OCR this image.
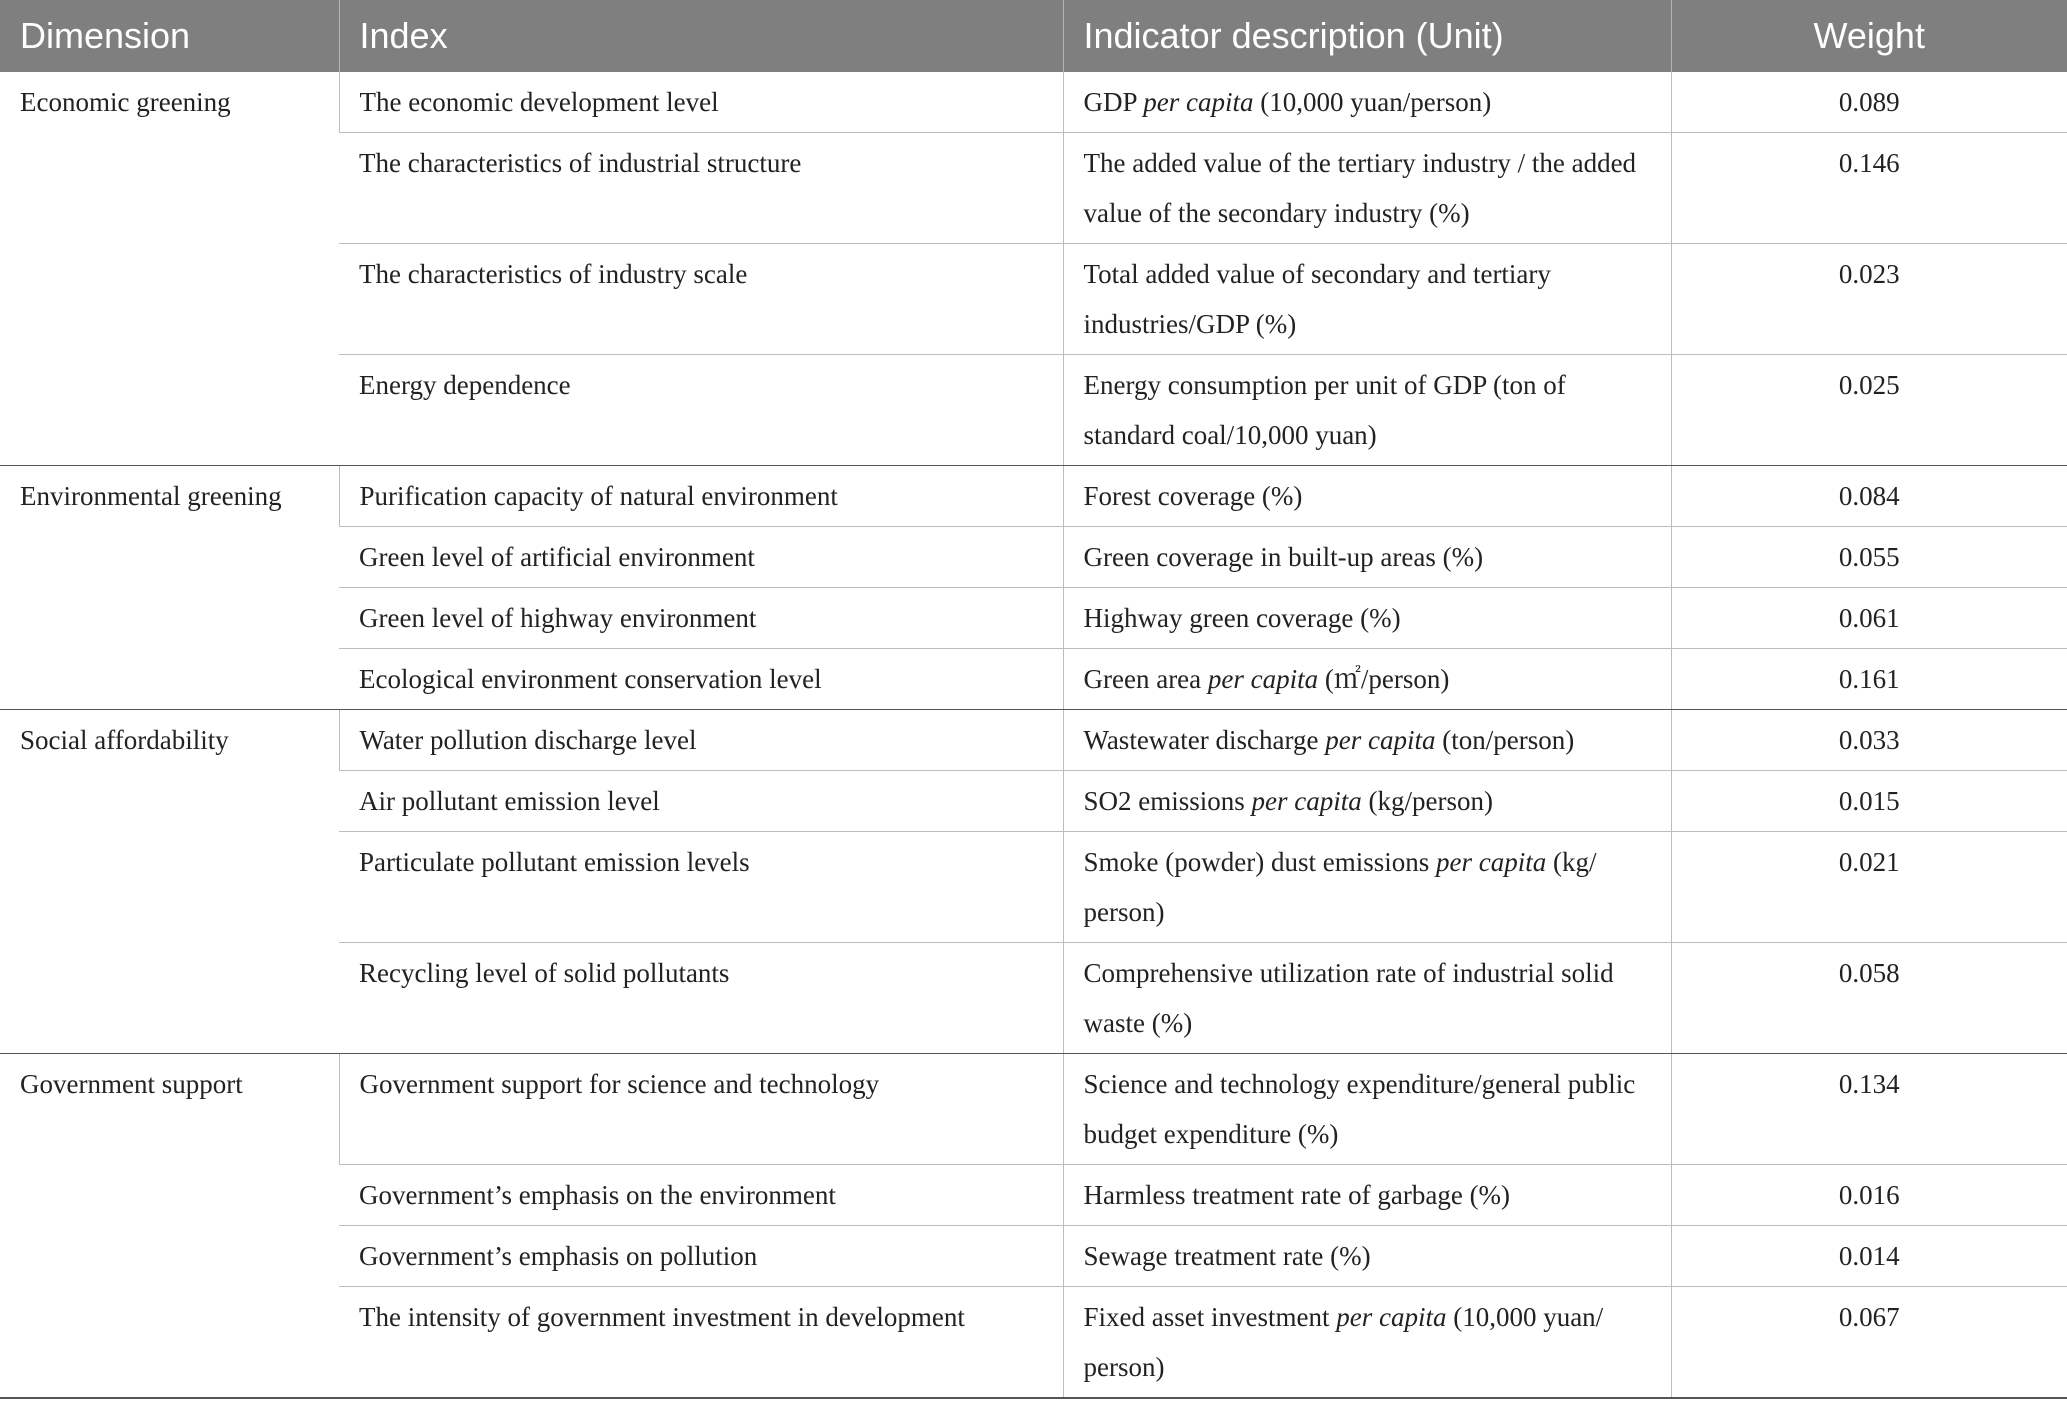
Dimension	Index	Indicator description (Unit)	Weight
Economic greening	The economic development level	GDP per capita (10,000 yuan/person)	0.089
	The characteristics of industrial structure	The added value of the tertiary industry / the added value of the secondary industry (%)	0.146
	The characteristics of industry scale	Total added value of secondary and tertiary industries/GDP (%)	0.023
	Energy dependence	Energy consumption per unit of GDP (ton of standard coal/10,000 yuan)	0.025
Environmental greening	Purification capacity of natural environment	Forest coverage (%)	0.084
	Green level of artificial environment	Green coverage in built-up areas (%)	0.055
	Green level of highway environment	Highway green coverage (%)	0.061
	Ecological environment conservation level	Green area per capita (㎡/person)	0.161
Social affordability	Water pollution discharge level	Wastewater discharge per capita (ton/person)	0.033
	Air pollutant emission level	SO2 emissions per capita (kg/person)	0.015
	Particulate pollutant emission levels	Smoke (powder) dust emissions per capita (kg/ person)	0.021
	Recycling level of solid pollutants	Comprehensive utilization rate of industrial solid waste (%)	0.058
Government support	Government support for science and technology	Science and technology expenditure/general public budget expenditure (%)	0.134
	Government’s emphasis on the environment	Harmless treatment rate of garbage (%)	0.016
	Government’s emphasis on pollution	Sewage treatment rate (%)	0.014
	The intensity of government investment in development	Fixed asset investment per capita (10,000 yuan/ person)	0.067
